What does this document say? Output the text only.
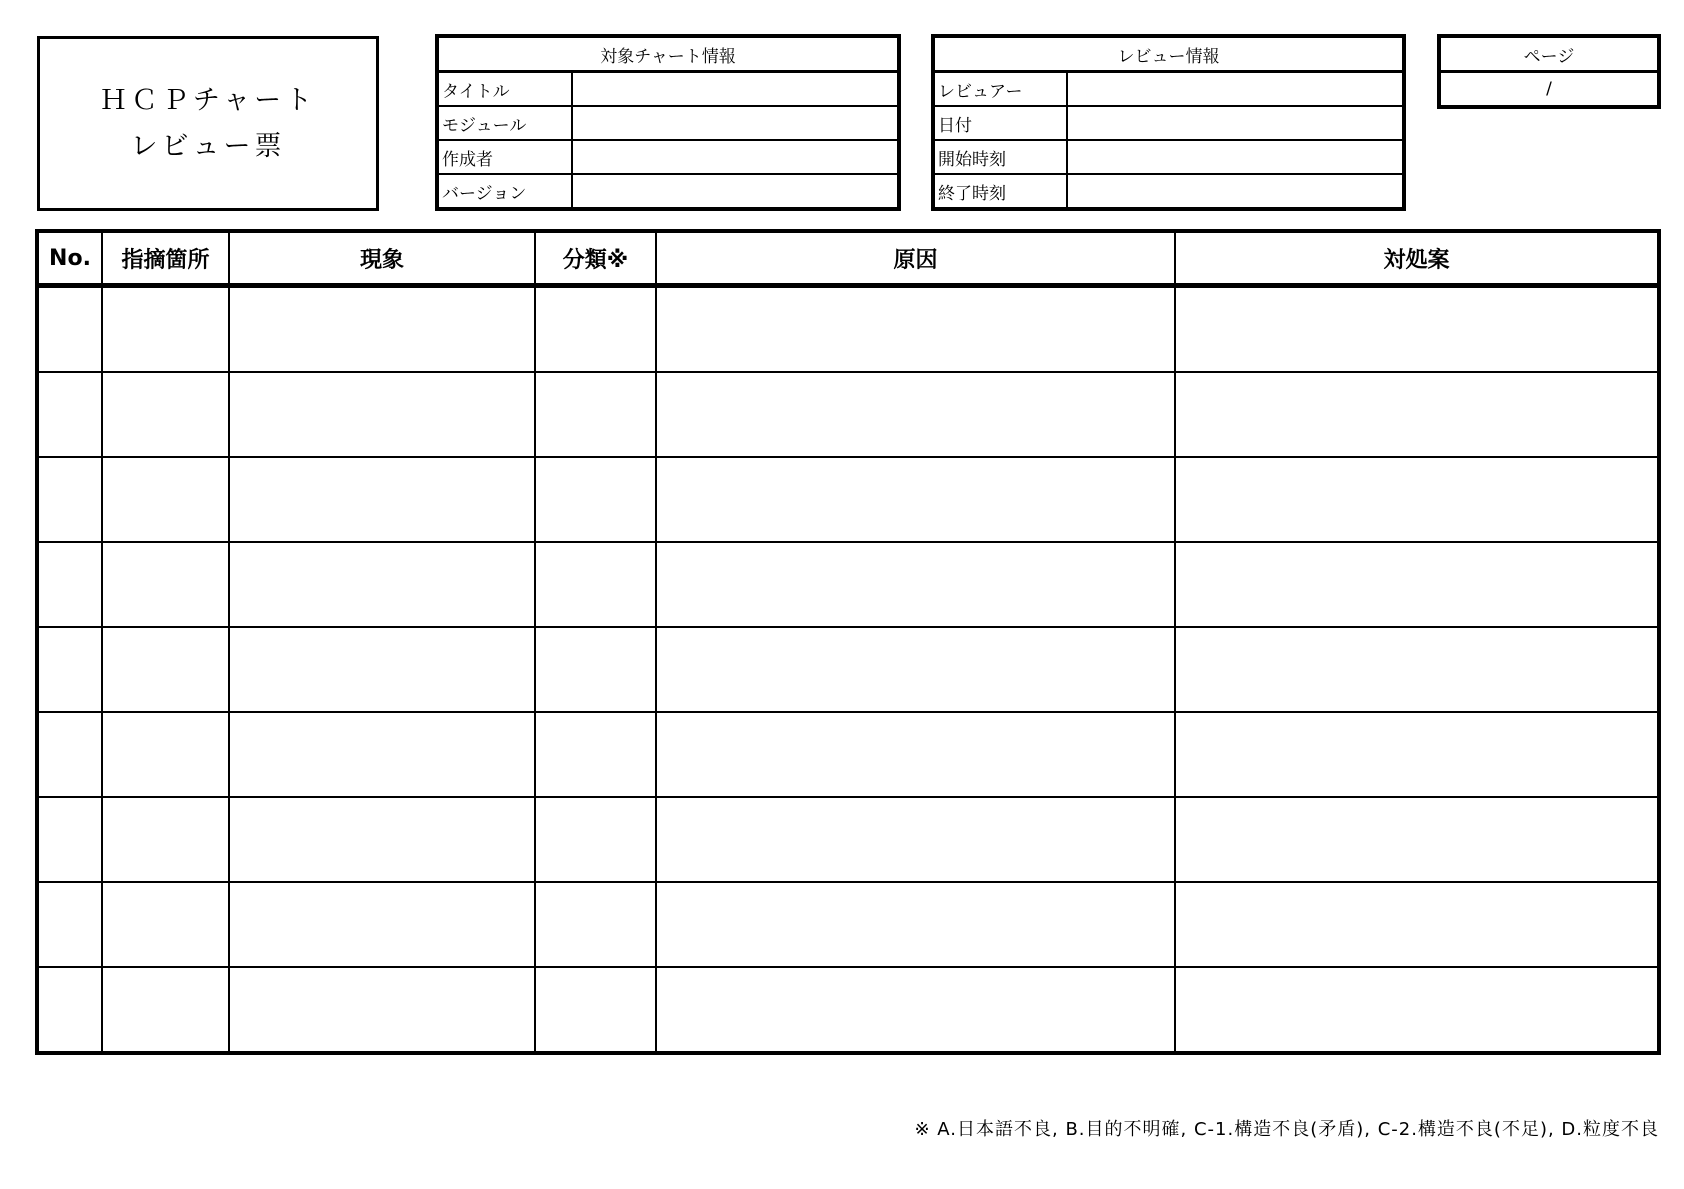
ＨＣＰチャート
レビュー票
対象チャート情報	
タイトル	
モジュール	
作成者	
バージョン	
レビュー情報	
レビュアー	
日付	
開始時刻	
終了時刻	
ページ
/
No.	指摘箇所	現象	分類※	原因	対処案

※ A.日本語不良, B.目的不明確, C-1.構造不良(矛盾), C-2.構造不良(不足), D.粒度不良
